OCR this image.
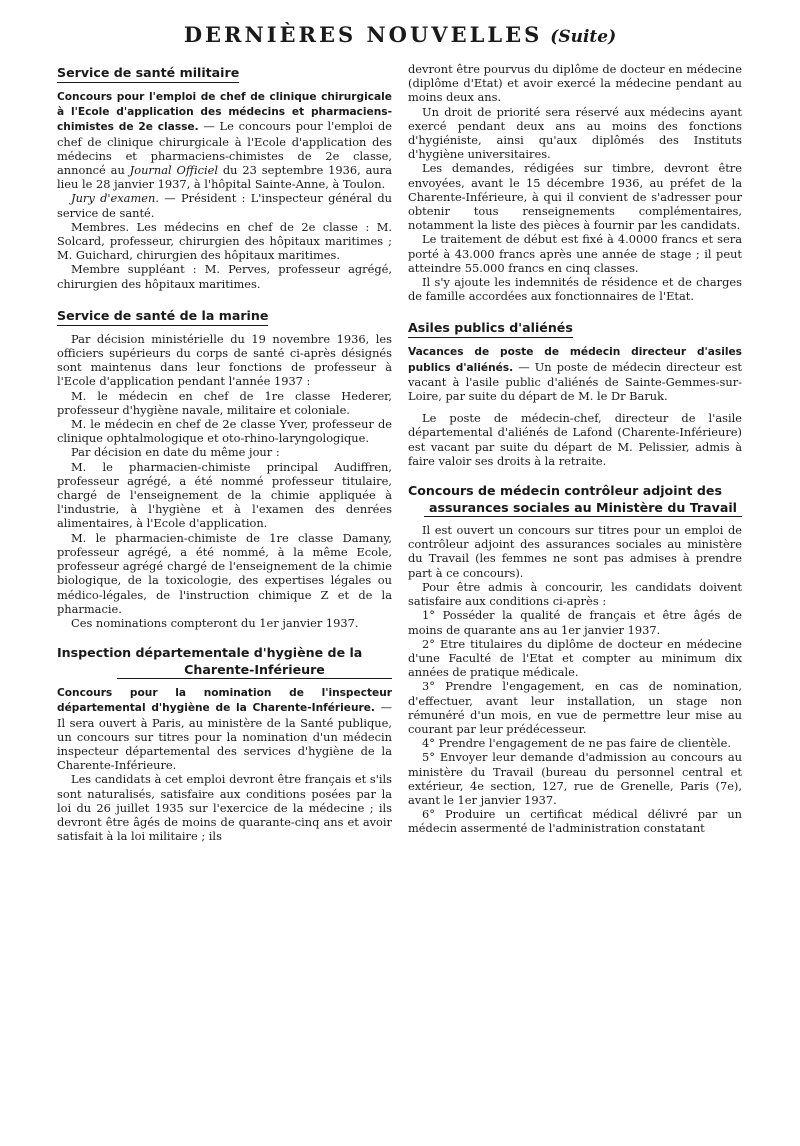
DERNIÈRES NOUVELLES (Suite)
Service de santé militaire

Concours pour l'emploi de chef de clinique chirurgicale à l'Ecole d'application des médecins et pharmaciens-chimistes de 2e classe. — Le concours pour l'emploi de chef de clinique chirurgicale à l'Ecole d'application des médecins et pharmaciens-chimistes de 2e classe, annoncé au Journal Officiel du 23 septembre 1936, aura lieu le 28 janvier 1937, à l'hôpital Sainte-Anne, à Toulon.

Jury d'examen. — Président : L'inspecteur général du service de santé.

Membres. Les médecins en chef de 2e classe : M. Solcard, professeur, chirurgien des hôpitaux maritimes ; M. Guichard, chirurgien des hôpitaux maritimes.

Membre suppléant : M. Perves, professeur agrégé, chirurgien des hôpitaux maritimes.

Service de santé de la marine

Par décision ministérielle du 19 novembre 1936, les officiers supérieurs du corps de santé ci-après désignés sont maintenus dans leur fonctions de professeur à l'Ecole d'application pendant l'année 1937 :

M. le médecin en chef de 1re classe Hederer, professeur d'hygiène navale, militaire et coloniale.

M. le médecin en chef de 2e classe Yver, professeur de clinique ophtalmologique et oto-rhino-laryngologique.

Par décision en date du même jour :

M. le pharmacien-chimiste principal Audiffren, professeur agrégé, a été nommé professeur titulaire, chargé de l'enseignement de la chimie appliquée à l'industrie, à l'hygiène et à l'examen des denrées alimentaires, à l'Ecole d'application.

M. le pharmacien-chimiste de 1re classe Damany, professeur agrégé, a été nommé, à la même Ecole, professeur agrégé chargé de l'enseignement de la chimie biologique, de la toxicologie, des expertises légales ou médico-légales, de l'instruction chimique Z et de la pharmacie.

Ces nominations compteront du 1er janvier 1937.

Inspection départementale d'hygiène de la
Charente-Inférieure

Concours pour la nomination de l'inspecteur départemental d'hygiène de la Charente-Inférieure. — Il sera ouvert à Paris, au ministère de la Santé publique, un concours sur titres pour la nomination d'un médecin inspecteur départemental des services d'hygiène de la Charente-Inférieure.

Les candidats à cet emploi devront être français et s'ils sont naturalisés, satisfaire aux conditions posées par la loi du 26 juillet 1935 sur l'exercice de la médecine ; ils devront être âgés de moins de quarante-cinq ans et avoir satisfait à la loi militaire ; ils

devront être pourvus du diplôme de docteur en médecine (diplôme d'Etat) et avoir exercé la médecine pendant au moins deux ans.

Un droit de priorité sera réservé aux médecins ayant exercé pendant deux ans au moins des fonctions d'hygiéniste, ainsi qu'aux diplômés des Instituts d'hygiène universitaires.

Les demandes, rédigées sur timbre, devront être envoyées, avant le 15 décembre 1936, au préfet de la Charente-Inférieure, à qui il convient de s'adresser pour obtenir tous renseignements complémentaires, notamment la liste des pièces à fournir par les candidats.

Le traitement de début est fixé à 4.0000 francs et sera porté à 43.000 francs après une année de stage ; il peut atteindre 55.000 francs en cinq classes.

Il s'y ajoute les indemnités de résidence et de charges de famille accordées aux fonctionnaires de l'Etat.

Asiles publics d'aliénés

Vacances de poste de médecin directeur d'asiles publics d'aliénés. — Un poste de médecin directeur est vacant à l'asile public d'aliénés de Sainte-Gemmes-sur-Loire, par suite du départ de M. le Dr Baruk.

Le poste de médecin-chef, directeur de l'asile départemental d'aliénés de Lafond (Charente-Inférieure) est vacant par suite du départ de M. Pelissier, admis à faire valoir ses droits à la retraite.

Concours de médecin contrôleur adjoint des
assurances sociales au Ministère du Travail

Il est ouvert un concours sur titres pour un emploi de contrôleur adjoint des assurances sociales au ministère du Travail (les femmes ne sont pas admises à prendre part à ce concours).

Pour être admis à concourir, les candidats doivent satisfaire aux conditions ci-après :

1° Posséder la qualité de français et être âgés de moins de quarante ans au 1er janvier 1937.

2° Etre titulaires du diplôme de docteur en médecine d'une Faculté de l'Etat et compter au minimum dix années de pratique médicale.

3° Prendre l'engagement, en cas de nomination, d'effectuer, avant leur installation, un stage non rémunéré d'un mois, en vue de permettre leur mise au courant par leur prédécesseur.

4° Prendre l'engagement de ne pas faire de clientèle.

5° Envoyer leur demande d'admission au concours au ministère du Travail (bureau du personnel central et extérieur, 4e section, 127, rue de Grenelle, Paris (7e), avant le 1er janvier 1937.

6° Produire un certificat médical délivré par un médecin assermenté de l'administration constatant
